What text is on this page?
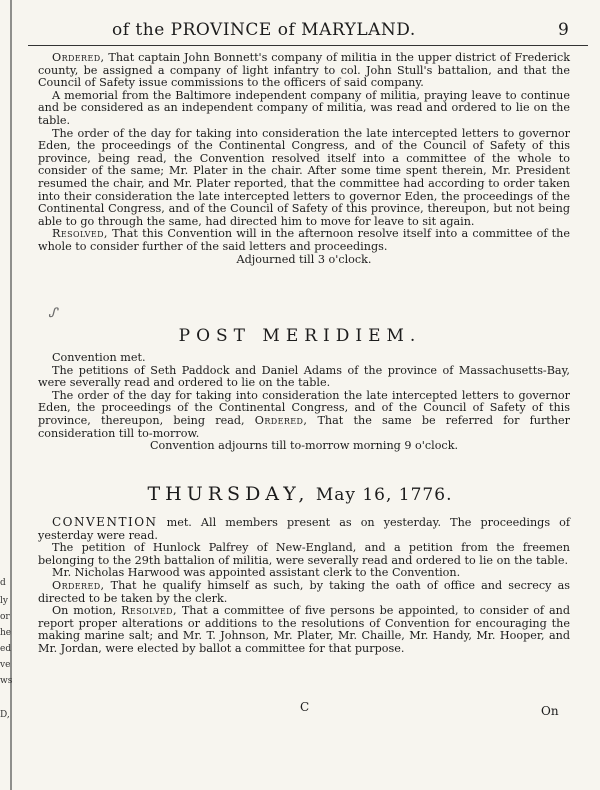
d
ly
or
he
ed
ve
ws
D,
of the PROVINCE of MARYLAND.	9

Ordered, That captain John Bonnett's company of militia in the upper district of Frederick county, be assigned a company of light infantry to col. John Stull's battalion, and that the Council of Safety issue commissions to the officers of said company.

A memorial from the Baltimore independent company of militia, praying leave to continue and be considered as an independent company of militia, was read and ordered to lie on the table.

The order of the day for taking into consideration the late intercepted letters to governor Eden, the proceedings of the Continental Congress, and of the Council of Safety of this province, being read, the Convention resolved itself into a committee of the whole to consider of the same; Mr. Plater in the chair. After some time spent therein, Mr. President resumed the chair, and Mr. Plater reported, that the committee had according to order taken into their consideration the late intercepted letters to governor Eden, the proceedings of the Continental Congress, and of the Council of Safety of this province, thereupon, but not being able to go through the same, had directed him to move for leave to sit again.

Resolved, That this Convention will in the afternoon resolve itself into a committee of the whole to consider further of the said letters and proceedings.

Adjourned till 3 o'clock.

ᔑ
POST MERIDIEM.

Convention met.

The petitions of Seth Paddock and Daniel Adams of the province of Massachusetts-Bay, were severally read and ordered to lie on the table.

The order of the day for taking into consideration the late intercepted letters to governor Eden, the proceedings of the Continental Congress, and of the Council of Safety of this province, thereupon, being read, Ordered, That the same be referred for further consideration till to-morrow.

Convention adjourns till to-morrow morning 9 o'clock.

THURSDAY, May 16, 1776.

CONVENTION met. All members present as on yesterday. The proceedings of yesterday were read.

The petition of Hunlock Palfrey of New-England, and a petition from the freemen belonging to the 29th battalion of militia, were severally read and ordered to lie on the table.

Mr. Nicholas Harwood was appointed assistant clerk to the Convention.

Ordered, That he qualify himself as such, by taking the oath of office and secrecy as directed to be taken by the clerk.

On motion, Resolved, That a committee of five persons be appointed, to consider of and report proper alterations or additions to the resolutions of Convention for encouraging the making marine salt; and Mr. T. Johnson, Mr. Plater, Mr. Chaille, Mr. Handy, Mr. Hooper, and Mr. Jordan, were elected by ballot a committee for that purpose.

C	On
